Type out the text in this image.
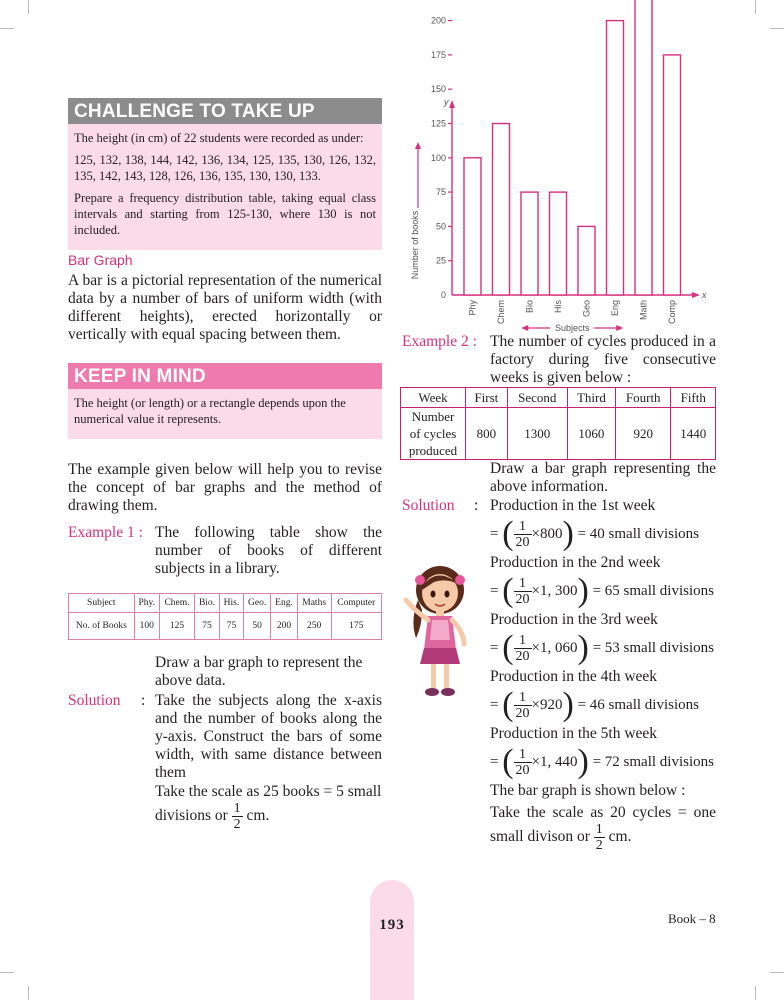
CHALLENGE TO TAKE UP

The height (in cm) of 22 students were recorded as under:

125, 132, 138, 144, 142, 136, 134, 125, 135, 130, 126, 132, 135, 142, 143, 128, 126, 136, 135, 130, 130, 133.

Prepare a frequency distribution table, taking equal class intervals and starting from 125-130, where 130 is not included.

Bar Graph

A bar is a pictorial representation of the numerical data by a number of bars of uniform width (with different heights), erected horizontally or vertically with equal spacing between them.

KEEP IN MIND

The height (or length) or a rectangle depends upon the numerical value it represents.

The example given below will help you to revise the concept of bar graphs and the method of drawing them.

Example 1 : The following table show the number of books of different subjects in a library.

Subject	Phy.	Chem.	Bio.	His.	Geo.	Eng.	Maths	Computer
No. of Books	100	125	75	75	50	200	250	175

Draw a bar graph to represent the above data.

Solution : Take the subjects along the x-axis and the number of books along the y-axis. Construct the bars of some width, with same distance between them

Take the scale as 25 books = 5 small divisions or $\frac{1}{2}$ cm.

y
x
0
25
50
75
100
125
150
175
200
Number of books
Phy Chem Bio His Geo Eng Math Comp
Subjects
Example 2 : The number of cycles produced in a factory during five consecutive weeks is given below :

Week	First	Second	Third	Fourth	Fifth
Number of cycles produced	800	1300	1060	920	1440

Draw a bar graph representing the above information.

Solution : Production in the 1st week

=
( $\frac{1}{20} \times 800$ )
= 40 small divisions

Production in the 2nd week

=
( $\frac{1}{20} \times 1$, 300 )
= 65 small divisions

Production in the 3rd week

=
( $\frac{1}{20} \times 1$, 060 )
= 53 small divisions

Production in the 4th week

=
( $\frac{1}{20} \times 920$ )
= 46 small divisions

Production in the 5th week

=
( $\frac{1}{20} \times 1$, 440 )
= 72 small divisions

The bar graph is shown below :

Take the scale as 20 cycles = one small divison or $\frac{1}{2}$ cm.

193	Book – 8
